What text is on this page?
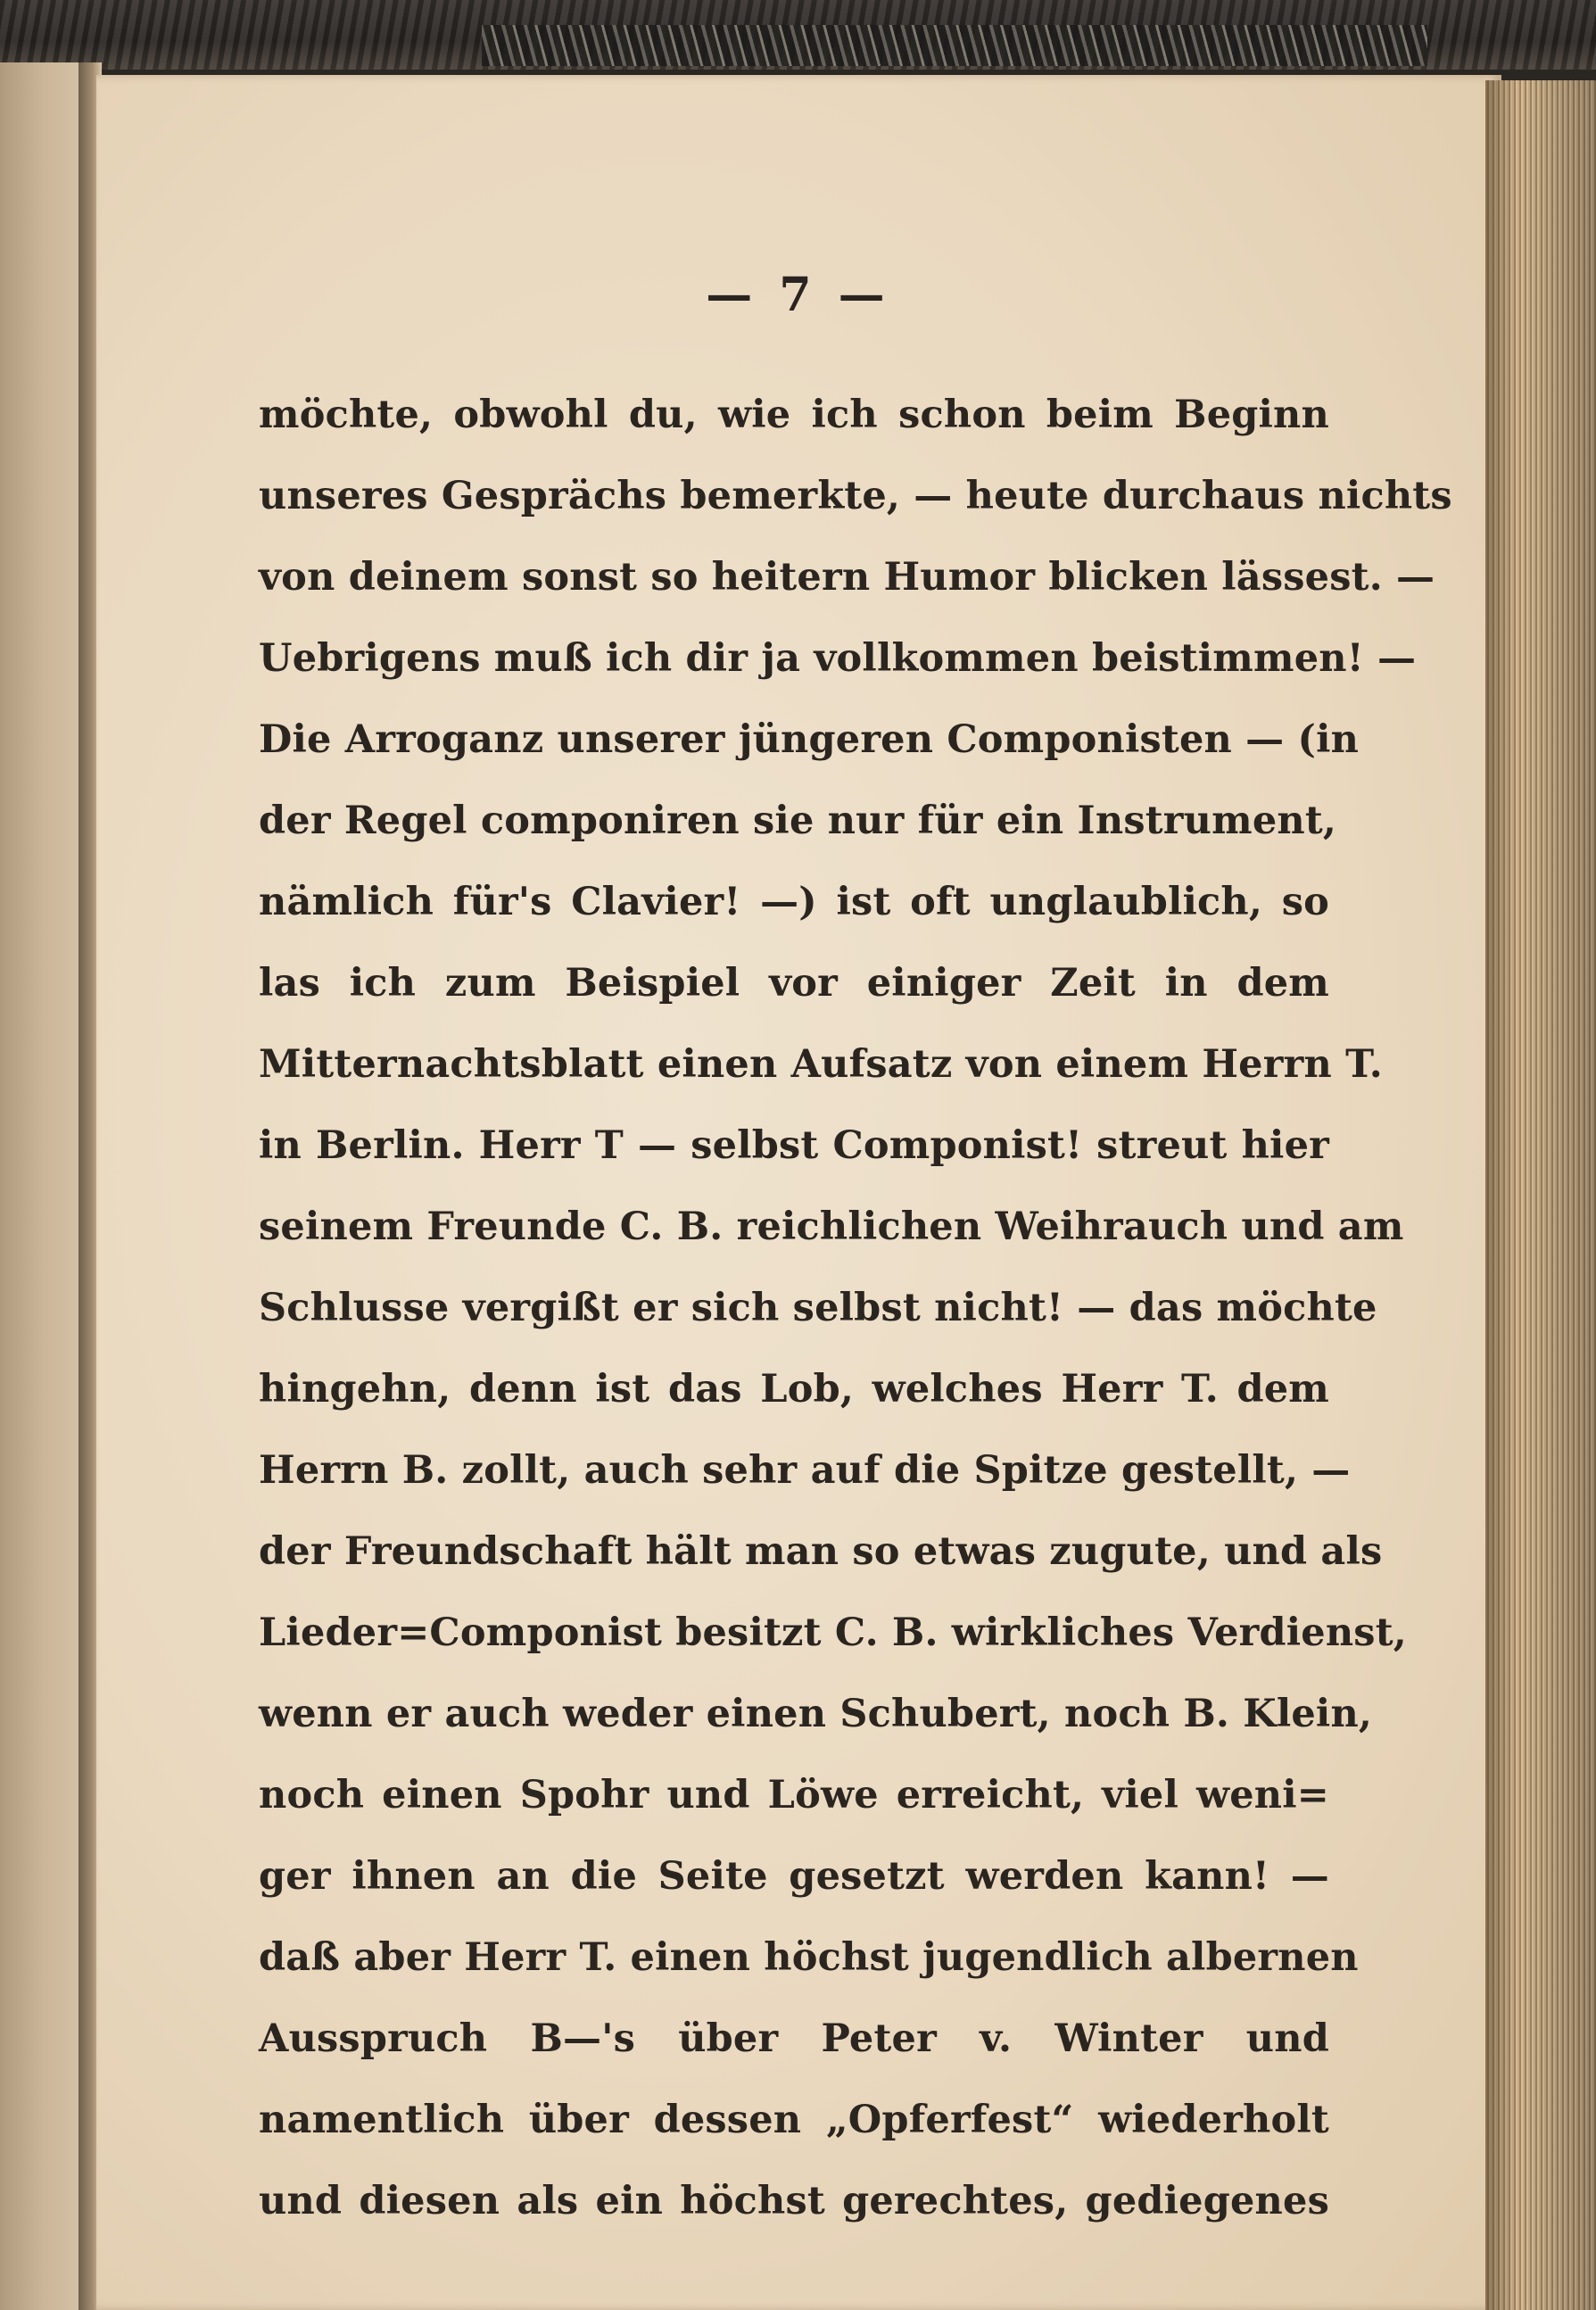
— 7 —
möchte, obwohl du, wie ich schon beim Beginn
unseres Gesprächs bemerkte, — heute durchaus nichts
von deinem sonst so heitern Humor blicken lässest. —
Uebrigens muß ich dir ja vollkommen beistimmen! —
Die Arroganz unserer jüngeren Componisten — (in
der Regel componiren sie nur für ein Instrument,
nämlich für's Clavier! —) ist oft unglaublich, so
las ich zum Beispiel vor einiger Zeit in dem
Mitternachtsblatt einen Aufsatz von einem Herrn T.
in Berlin. Herr T — selbst Componist! streut hier
seinem Freunde C. B. reichlichen Weihrauch und am
Schlusse vergißt er sich selbst nicht! — das möchte
hingehn, denn ist das Lob, welches Herr T. dem
Herrn B. zollt, auch sehr auf die Spitze gestellt, —
der Freundschaft hält man so etwas zugute, und als
Lieder=Componist besitzt C. B. wirkliches Verdienst,
wenn er auch weder einen Schubert, noch B. Klein,
noch einen Spohr und Löwe erreicht, viel weni=
ger ihnen an die Seite gesetzt werden kann! —
daß aber Herr T. einen höchst jugendlich albernen
Ausspruch B—'s über Peter v. Winter und
namentlich über dessen „Opferfest“ wiederholt
und diesen als ein höchst gerechtes, gediegenes
